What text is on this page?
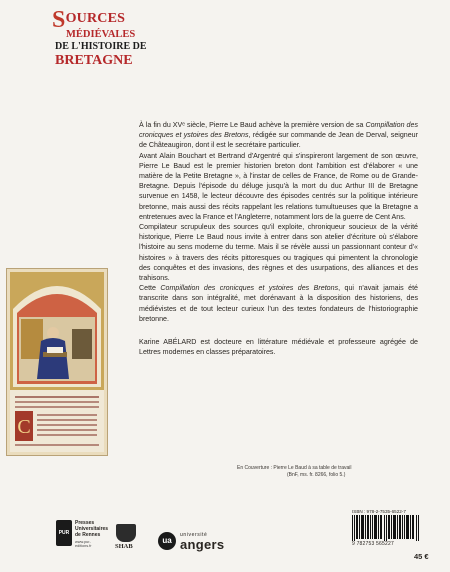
SOURCES
MÉDIÉVALES
DE L'HISTOIRE DE
BRETAGNE

À la fin du XVᵉ siècle, Pierre Le Baud achève la première version de sa Compillation des cronicques et ystoires des Bretons, rédigée sur commande de Jean de Derval, seigneur de Châteaugiron, dont il est le secrétaire particulier.

Avant Alain Bouchart et Bertrand d'Argentré qui s'inspireront largement de son œuvre, Pierre Le Baud est le premier historien breton dont l'ambition est d'élaborer « une matière de la Petite Bretagne », à l'instar de celles de France, de Rome ou de Grande-Bretagne. Depuis l'épisode du déluge jusqu'à la mort du duc Arthur III de Bretagne survenue en 1458, le lecteur découvre des épisodes centrés sur la politique intérieure bretonne, mais aussi des récits rappelant les relations tumultueuses que la Bretagne a entretenues avec la France et l'Angleterre, notamment lors de la guerre de Cent Ans.

Compilateur scrupuleux des sources qu'il exploite, chroniqueur soucieux de la vérité historique, Pierre Le Baud nous invite à entrer dans son atelier d'écriture où s'élabore l'histoire au sens moderne du terme. Mais il se révèle aussi un passionnant conteur d'« histoires » à travers des récits pittoresques ou tragiques qui pimentent la chronologie des conquêtes et des invasions, des règnes et des usurpations, des alliances et des trahisons.

Cette Compillation des cronicques et ystoires des Bretons, qui n'avait jamais été transcrite dans son intégralité, met dorénavant à la disposition des historiens, des médiévistes et de tout lecteur curieux l'un des textes fondateurs de l'historiographie bretonne.

Karine ABÉLARD est docteure en littérature médiévale et professeure agrégée de Lettres modernes en classes préparatoires.

C
En Couverture : Pierre Le Baud à sa table de travail
(BnF, ms. fr. 8266, folio 5.)
ISBN : 978-2-7535-6522-7
9 782753 565227
45 €
PUR
Presses
Universitaires
de Rennes
www.pur-editions.fr	SHAB
ua
université
angers
